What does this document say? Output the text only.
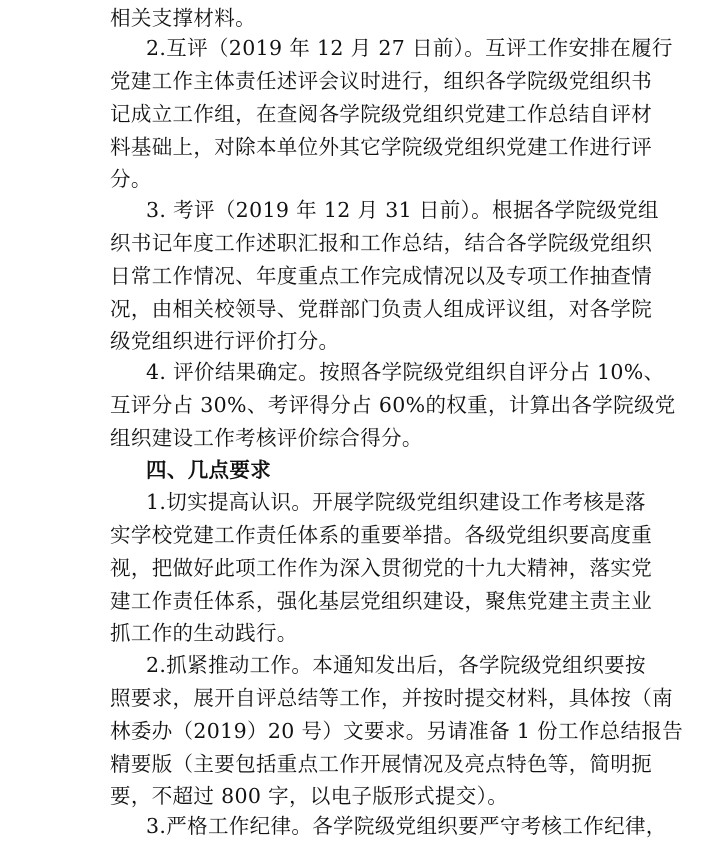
相关支撑材料。
2.互评（2019 年 12 月 27 日前）。互评工作安排在履行
党建工作主体责任述评会议时进行，组织各学院级党组织书
记成立工作组，在查阅各学院级党组织党建工作总结自评材
料基础上，对除本单位外其它学院级党组织党建工作进行评
分。
3. 考评（2019 年 12 月 31 日前）。根据各学院级党组
织书记年度工作述职汇报和工作总结，结合各学院级党组织
日常工作情况、年度重点工作完成情况以及专项工作抽查情
况，由相关校领导、党群部门负责人组成评议组，对各学院
级党组织进行评价打分。
4. 评价结果确定。按照各学院级党组织自评分占 10%、
互评分占 30%、考评得分占 60%的权重，计算出各学院级党
组织建设工作考核评价综合得分。
四、几点要求
1.切实提高认识。开展学院级党组织建设工作考核是落
实学校党建工作责任体系的重要举措。各级党组织要高度重
视，把做好此项工作作为深入贯彻党的十九大精神，落实党
建工作责任体系，强化基层党组织建设，聚焦党建主责主业
抓工作的生动践行。
2.抓紧推动工作。本通知发出后，各学院级党组织要按
照要求，展开自评总结等工作，并按时提交材料，具体按（南
林委办（2019）20 号）文要求。另请准备 1 份工作总结报告
精要版（主要包括重点工作开展情况及亮点特色等，简明扼
要，不超过 800 字，以电子版形式提交）。
3.严格工作纪律。各学院级党组织要严守考核工作纪律，
